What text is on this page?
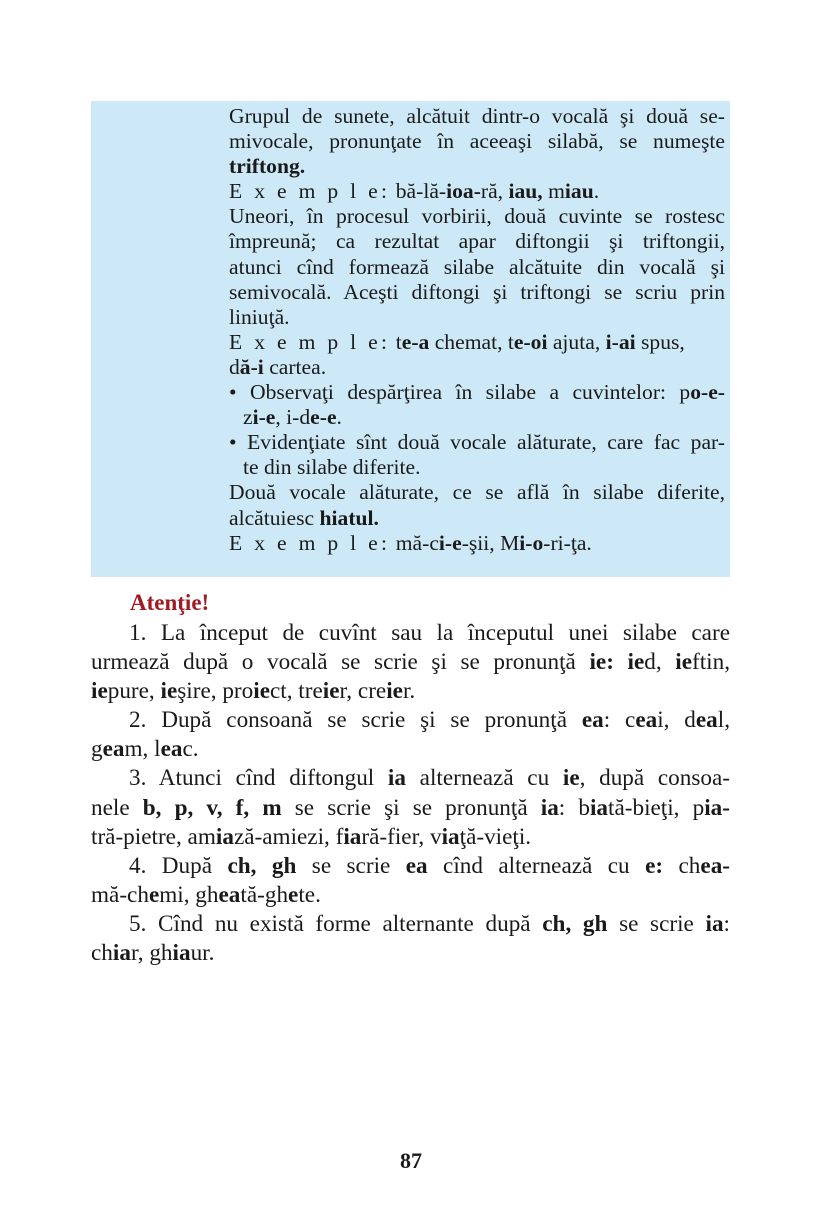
Grupul de sunete, alcătuit dintr-o vocală şi două se-
mivocale, pronunţate în aceeaşi silabă, se numeşte
triftong.
E x e m p l e: bă-lă-ioa-ră, iau, miau.
Uneori, în procesul vorbirii, două cuvinte se rostesc
împreună; ca rezultat apar diftongii şi triftongii,
atunci cînd formează silabe alcătuite din vocală şi
semivocală. Aceşti diftongi şi triftongi se scriu prin
liniuţă.
E x e m p l e: te-a chemat, te-oi ajuta, i-ai spus,
dă-i cartea.
• Observaţi despărţirea în silabe a cuvintelor: po-e-
zi-e, i-de-e.
• Evidenţiate sînt două vocale alăturate, care fac par-
te din silabe diferite.
Două vocale alăturate, ce se află în silabe diferite,
alcătuiesc hiatul.
E x e m p l e: mă-ci-e-şii, Mi-o-ri-ţa.
Atenţie!
1. La început de cuvînt sau la începutul unei silabe care
urmează după o vocală se scrie şi se pronunţă ie: ied, ieftin,
iepure, ieşire, proiect, treier, creier.
2. După consoană se scrie şi se pronunţă ea: ceai, deal,
geam, leac.
3. Atunci cînd diftongul ia alternează cu ie, după consoa-
nele b, p, v, f, m se scrie şi se pronunţă ia: biată-bieţi, pia-
tră-pietre, amiază-amiezi, fiară-fier, viaţă-vieţi.
4. După ch, gh se scrie ea cînd alternează cu e: chea-
mă-chemi, gheată-ghete.
5. Cînd nu există forme alternante după ch, gh se scrie ia:
chiar, ghiaur.
87
